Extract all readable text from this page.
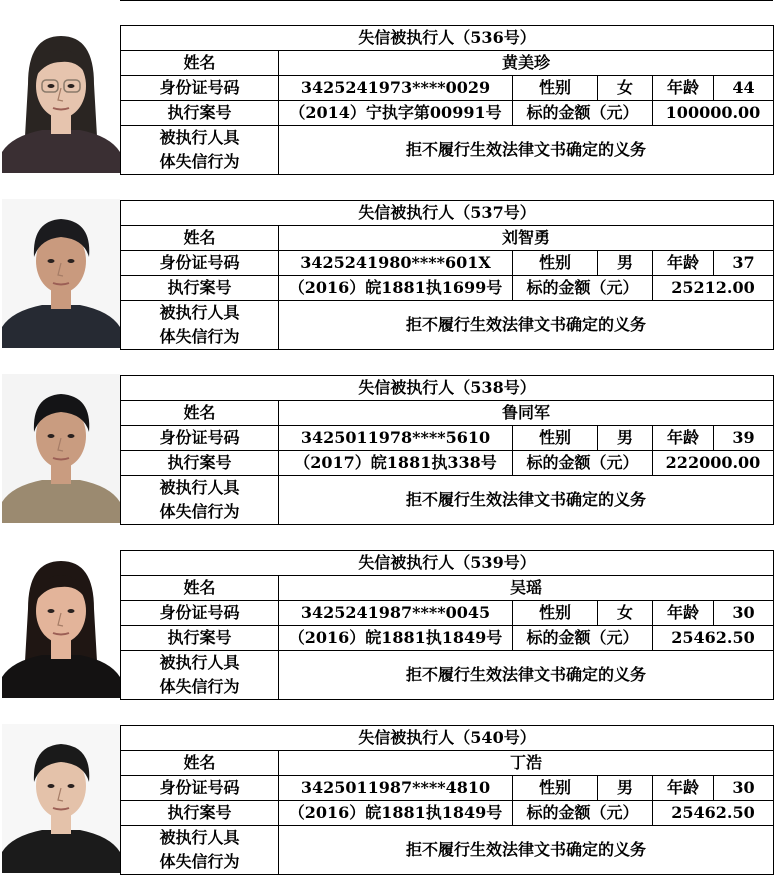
失信被执行人（536号）					
姓名	黄美珍				
身份证号码	3425241973****0029	性别	女	年龄	44
执行案号	（2014）宁执字第00991号	标的金额（元）		100000.00	
被执行人具
体失信行为	拒不履行生效法律文书确定的义务				
失信被执行人（537号）					
姓名	刘智勇				
身份证号码	3425241980****601X	性别	男	年龄	37
执行案号	（2016）皖1881执1699号	标的金额（元）		25212.00	
被执行人具
体失信行为	拒不履行生效法律文书确定的义务				
失信被执行人（538号）					
姓名	鲁同军				
身份证号码	3425011978****5610	性别	男	年龄	39
执行案号	（2017）皖1881执338号	标的金额（元）		222000.00	
被执行人具
体失信行为	拒不履行生效法律文书确定的义务				
失信被执行人（539号）					
姓名	吴瑶				
身份证号码	3425241987****0045	性别	女	年龄	30
执行案号	（2016）皖1881执1849号	标的金额（元）		25462.50	
被执行人具
体失信行为	拒不履行生效法律文书确定的义务				
失信被执行人（540号）					
姓名	丁浩				
身份证号码	3425011987****4810	性别	男	年龄	30
执行案号	（2016）皖1881执1849号	标的金额（元）		25462.50	
被执行人具
体失信行为	拒不履行生效法律文书确定的义务				
